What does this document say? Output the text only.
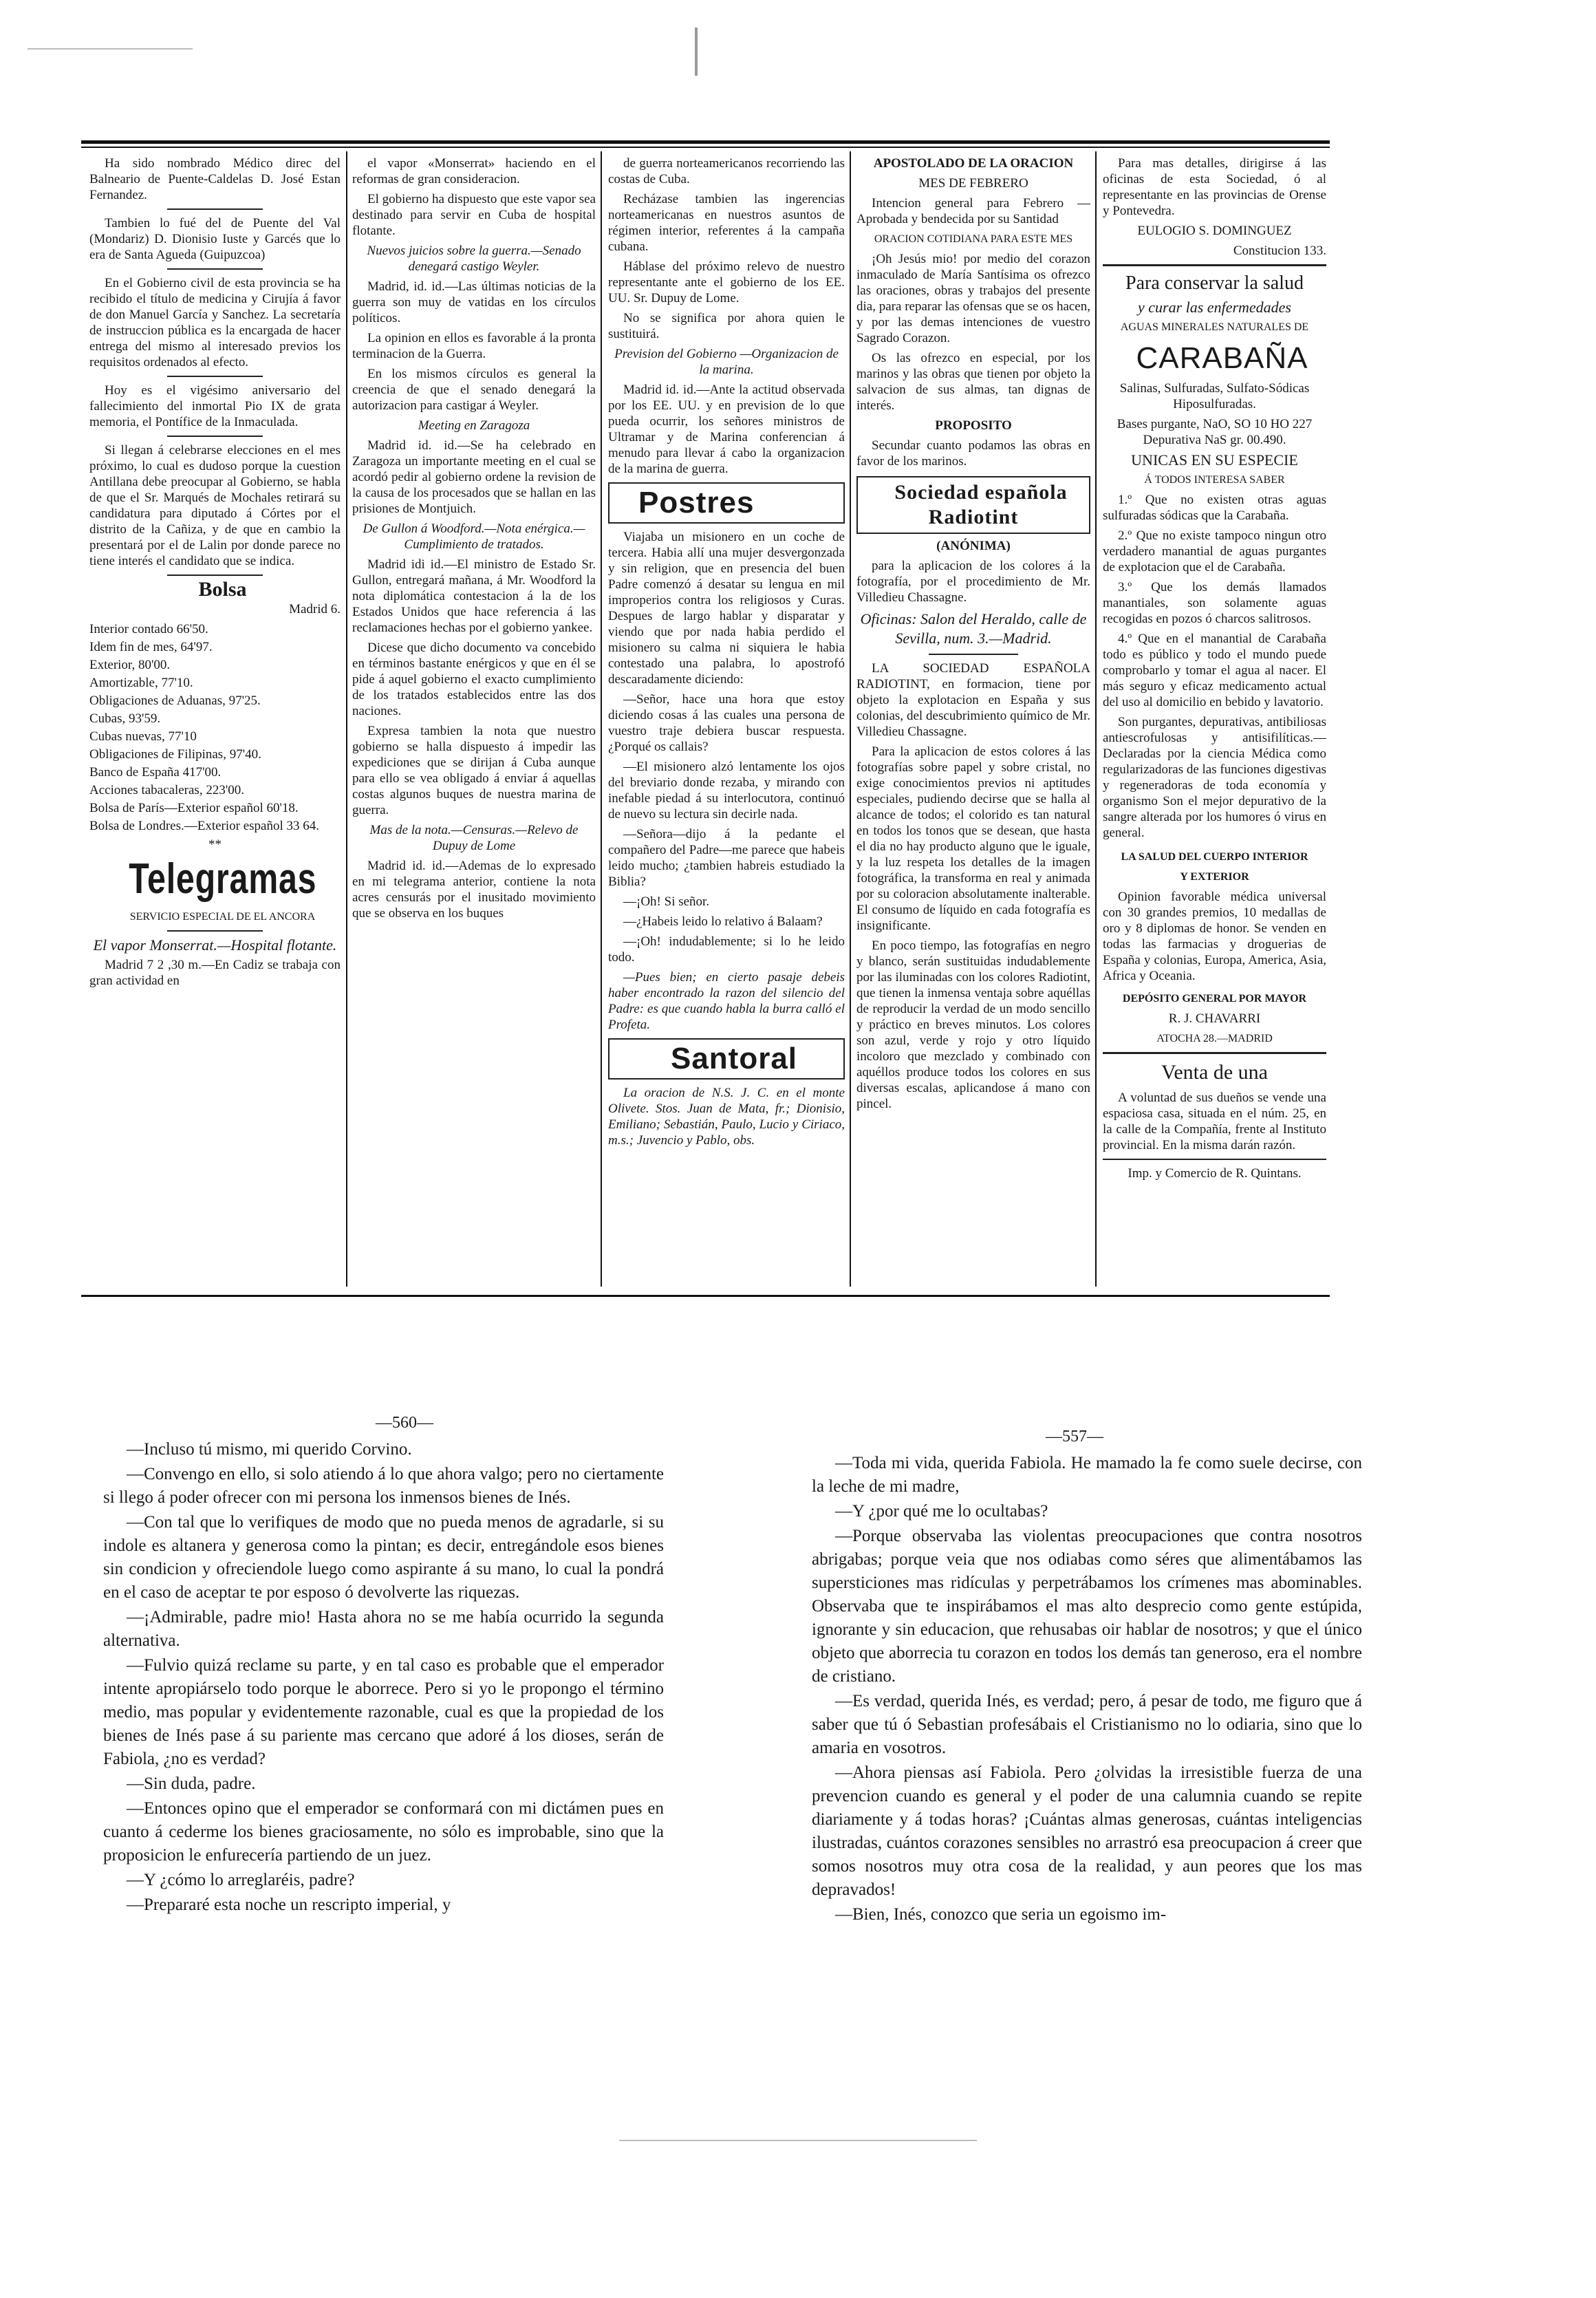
Ha sido nombrado Médico direc del Balneario de Puente-Caldelas D. José Estan Fernandez.

Tambien lo fué del de Puente del Val (Mondariz) D. Dionisio Iuste y Garcés que lo era de Santa Agueda (Guipuzcoa)

En el Gobierno civil de esta provincia se ha recibido el título de medicina y Cirujía á favor de don Manuel García y Sanchez. La secretaría de instruccion pública es la encargada de hacer entrega del mismo al interesado previos los requisitos ordenados al efecto.

Hoy es el vigésimo aniversario del fallecimiento del inmortal Pio IX de grata memoria, el Pontífice de la Inmaculada.

Si llegan á celebrarse elecciones en el mes próximo, lo cual es dudoso porque la cuestion Antillana debe preocupar al Gobierno, se habla de que el Sr. Marqués de Mochales retirará su candidatura para diputado á Córtes por el distrito de la Cañiza, y de que en cambio la presentará por el de Lalin por donde parece no tiene interés el candidato que se indica.

Bolsa

Madrid 6.

Interior contado 66'50.

Idem fin de mes, 64'97.

Exterior, 80'00.

Amortizable, 77'10.

Obligaciones de Aduanas, 97'25.

Cubas, 93'59.

Cubas nuevas, 77'10

Obligaciones de Filipinas, 97'40.

Banco de España 417'00.

Acciones tabacaleras, 223'00.

Bolsa de París—Exterior español 60'18.

Bolsa de Londres.—Exterior español 33 64.

**

Telegramas

SERVICIO ESPECIAL DE EL ANCORA

El vapor Monserrat.—Hospital flotante.

Madrid 7 2 ,30 m.—En Cadiz se trabaja con gran actividad en

el vapor «Monserrat» haciendo en el reformas de gran consideracion.

El gobierno ha dispuesto que este vapor sea destinado para servir en Cuba de hospital flotante.

Nuevos juicios sobre la guerra.—Senado denegará castigo Weyler.

Madrid, id. id.—Las últimas noticias de la guerra son muy de vatidas en los círculos políticos.

La opinion en ellos es favorable á la pronta terminacion de la Guerra.

En los mismos círculos es general la creencia de que el senado denegará la autorizacion para castigar á Weyler.

Meeting en Zaragoza

Madrid id. id.—Se ha celebrado en Zaragoza un importante meeting en el cual se acordó pedir al gobierno ordene la revision de la causa de los procesados que se hallan en las prisiones de Montjuich.

De Gullon á Woodford.—Nota enérgica.—Cumplimiento de tratados.

Madrid idi id.—El ministro de Estado Sr. Gullon, entregará mañana, á Mr. Woodford la nota diplomática contestacion á la de los Estados Unidos que hace referencia á las reclamaciones hechas por el gobierno yankee.

Dicese que dicho documento va concebido en términos bastante enérgicos y que en él se pide á aquel gobierno el exacto cumplimiento de los tratados establecidos entre las dos naciones.

Expresa tambien la nota que nuestro gobierno se halla dispuesto á impedir las expediciones que se dirijan á Cuba aunque para ello se vea obligado á enviar á aquellas costas algunos buques de nuestra marina de guerra.

Mas de la nota.—Censuras.—Relevo de Dupuy de Lome

Madrid id. id.—Ademas de lo expresado en mi telegrama anterior, contiene la nota acres censurás por el inusitado movimiento que se observa en los buques

de guerra norteamericanos recorriendo las costas de Cuba.

Recházase tambien las ingerencias norteamericanas en nuestros asuntos de régimen interior, referentes á la campaña cubana.

Háblase del próximo relevo de nuestro representante ante el gobierno de los EE. UU. Sr. Dupuy de Lome.

No se significa por ahora quien le sustituirá.

Prevision del Gobierno —Organizacion de la marina.

Madrid id. id.—Ante la actitud observada por los EE. UU. y en prevision de lo que pueda ocurrir, los señores ministros de Ultramar y de Marina conferencian á menudo para llevar á cabo la organizacion de la marina de guerra.

Postres

Viajaba un misionero en un coche de tercera. Habia allí una mujer desvergonzada y sin religion, que en presencia del buen Padre comenzó á desatar su lengua en mil improperios contra los religiosos y Curas. Despues de largo hablar y disparatar y viendo que por nada habia perdido el misionero su calma ni siquiera le habia contestado una palabra, lo apostrofó descaradamente diciendo:

—Señor, hace una hora que estoy diciendo cosas á las cuales una persona de vuestro traje debiera buscar respuesta. ¿Porqué os callais?

—El misionero alzó lentamente los ojos del breviario donde rezaba, y mirando con inefable piedad á su interlocutora, continuó de nuevo su lectura sin decirle nada.

—Señora—dijo á la pedante el compañero del Padre—me parece que habeis leido mucho; ¿tambien habreis estudiado la Biblia?

—¡Oh! Si señor.

—¿Habeis leido lo relativo á Balaam?

—¡Oh! indudablemente; si lo he leido todo.

—Pues bien; en cierto pasaje debeis haber encontrado la razon del silencio del Padre: es que cuando habla la burra calló el Profeta.

Santoral

La oracion de N.S. J. C. en el monte Olivete. Stos. Juan de Mata, fr.; Dionisio, Emiliano; Sebastián, Paulo, Lucio y Ciriaco, m.s.; Juvencio y Pablo, obs.

APOSTOLADO DE LA ORACION

MES DE FEBRERO

Intencion general para Febrero —Aprobada y bendecida por su Santidad

ORACION COTIDIANA PARA ESTE MES

¡Oh Jesús mio! por medio del corazon inmaculado de María Santísima os ofrezco las oraciones, obras y trabajos del presente dia, para reparar las ofensas que se os hacen, y por las demas intenciones de vuestro Sagrado Corazon.

Os las ofrezco en especial, por los marinos y las obras que tienen por objeto la salvacion de sus almas, tan dignas de interés.

PROPOSITO

Secundar cuanto podamos las obras en favor de los marinos.

Sociedad española Radiotint

(ANÓNIMA)

para la aplicacion de los colores á la fotografía, por el procedimiento de Mr. Villedieu Chassagne.

Oficinas: Salon del Heraldo, calle de Sevilla, num. 3.—Madrid.

LA SOCIEDAD ESPAÑOLA RADIOTINT, en formacion, tiene por objeto la explotacion en España y sus colonias, del descubrimiento químico de Mr. Villedieu Chassagne.

Para la aplicacion de estos colores á las fotografías sobre papel y sobre cristal, no exige conocimientos previos ni aptitudes especiales, pudiendo decirse que se halla al alcance de todos; el colorido es tan natural en todos los tonos que se desean, que hasta el dia no hay producto alguno que le iguale, y la luz respeta los detalles de la imagen fotográfica, la transforma en real y animada por su coloracion absolutamente inalterable. El consumo de líquido en cada fotografía es insignificante.

En poco tiempo, las fotografías en negro y blanco, serán sustituidas indudablemente por las iluminadas con los colores Radiotint, que tienen la inmensa ventaja sobre aquéllas de reproducir la verdad de un modo sencillo y práctico en breves minutos. Los colores son azul, verde y rojo y otro líquido incoloro que mezclado y combinado con aquéllos produce todos los colores en sus diversas escalas, aplicandose á mano con pincel.

Para mas detalles, dirigirse á las oficinas de esta Sociedad, ó al representante en las provincias de Orense y Pontevedra.

EULOGIO S. DOMINGUEZ

Constitucion 133.

Para conservar la salud

y curar las enfermedades

AGUAS MINERALES NATURALES DE

CARABAÑA

Salinas, Sulfuradas, Sulfato-Sódicas Hiposulfuradas.

Bases purgante, NaO, SO 10 HO 227 Depurativa NaS gr. 00.490.

UNICAS EN SU ESPECIE

Á TODOS INTERESA SABER

1.º Que no existen otras aguas sulfuradas sódicas que la Carabaña.

2.º Que no existe tampoco ningun otro verdadero manantial de aguas purgantes de explotacion que el de Carabaña.

3.º Que los demás llamados manantiales, son solamente aguas recogidas en pozos ó charcos salitrosos.

4.º Que en el manantial de Carabaña todo es público y todo el mundo puede comprobarlo y tomar el agua al nacer. El más seguro y eficaz medicamento actual del uso al domicilio en bebido y lavatorio.

Son purgantes, depurativas, antibiliosas antiescrofulosas y antisifilíticas.—Declaradas por la ciencia Médica como regularizadoras de las funciones digestivas y regeneradoras de toda economía y organismo Son el mejor depurativo de la sangre alterada por los humores ó virus en general.

LA SALUD DEL CUERPO INTERIOR

Y EXTERIOR

Opinion favorable médica universal con 30 grandes premios, 10 medallas de oro y 8 diplomas de honor. Se venden en todas las farmacias y droguerias de España y colonias, Europa, America, Asia, Africa y Oceania.

DEPÓSITO GENERAL POR MAYOR

R. J. CHAVARRI

ATOCHA 28.—MADRID

Venta de una

A voluntad de sus dueños se vende una espaciosa casa, situada en el núm. 25, en la calle de la Compañía, frente al Instituto provincial. En la misma darán razón.

Imp. y Comercio de R. Quintans.

—560—

—Incluso tú mismo, mi querido Corvino.

—Convengo en ello, si solo atiendo á lo que ahora valgo; pero no ciertamente si llego á poder ofrecer con mi persona los inmensos bienes de Inés.

—Con tal que lo verifiques de modo que no pueda menos de agradarle, si su indole es altanera y generosa como la pintan; es decir, entregándole esos bienes sin condicion y ofreciendole luego como aspirante á su mano, lo cual la pondrá en el caso de aceptar te por esposo ó devolverte las riquezas.

—¡Admirable, padre mio! Hasta ahora no se me había ocurrido la segunda alternativa.

—Fulvio quizá reclame su parte, y en tal caso es probable que el emperador intente apropiárselo todo porque le aborrece. Pero si yo le propongo el término medio, mas popular y evidentemente razonable, cual es que la propiedad de los bienes de Inés pase á su pariente mas cercano que adoré á los dioses, serán de Fabiola, ¿no es verdad?

—Sin duda, padre.

—Entonces opino que el emperador se conformará con mi dictámen pues en cuanto á cederme los bienes graciosamente, no sólo es improbable, sino que la proposicion le enfurecería partiendo de un juez.

—Y ¿cómo lo arreglaréis, padre?

—Prepararé esta noche un rescripto imperial, y

—557—

—Toda mi vida, querida Fabiola. He mamado la fe como suele decirse, con la leche de mi madre,

—Y ¿por qué me lo ocultabas?

—Porque observaba las violentas preocupaciones que contra nosotros abrigabas; porque veia que nos odiabas como séres que alimentábamos las supersticiones mas ridículas y perpetrábamos los crímenes mas abominables. Observaba que te inspirábamos el mas alto desprecio como gente estúpida, ignorante y sin educacion, que rehusabas oir hablar de nosotros; y que el único objeto que aborrecia tu corazon en todos los demás tan generoso, era el nombre de cristiano.

—Es verdad, querida Inés, es verdad; pero, á pesar de todo, me figuro que á saber que tú ó Sebastian profesábais el Cristianismo no lo odiaria, sino que lo amaria en vosotros.

—Ahora piensas así Fabiola. Pero ¿olvidas la irresistible fuerza de una prevencion cuando es general y el poder de una calumnia cuando se repite diariamente y á todas horas? ¡Cuántas almas generosas, cuántas inteligencias ilustradas, cuántos corazones sensibles no arrastró esa preocupacion á creer que somos nosotros muy otra cosa de la realidad, y aun peores que los mas depravados!

—Bien, Inés, conozco que seria un egoismo im-
